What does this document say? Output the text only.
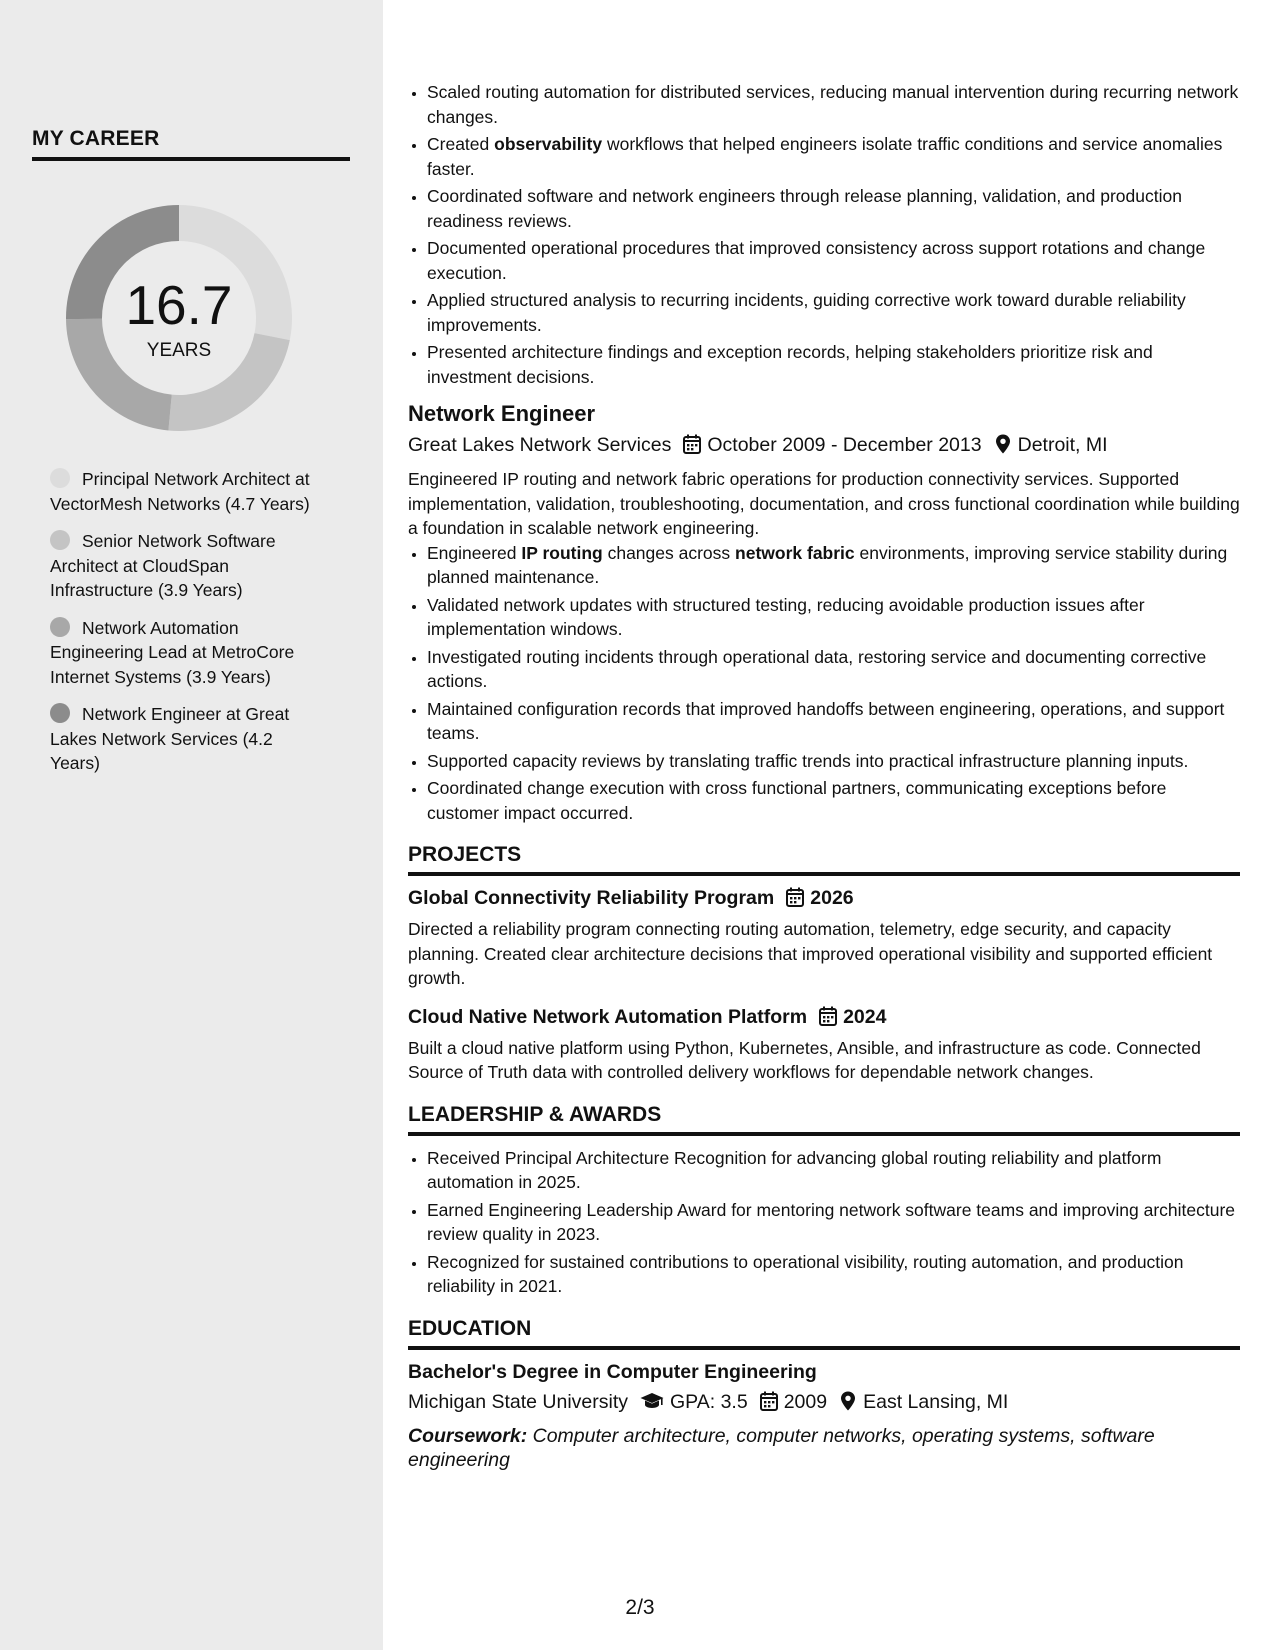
MY CAREER
16.7
YEARS
Principal Network Architect at VectorMesh Networks (4.7 Years)
Senior Network Software Architect at CloudSpan Infrastructure (3.9 Years)
Network Automation Engineering Lead at MetroCore Internet Systems (3.9 Years)
Network Engineer at Great Lakes Network Services (4.2 Years)
• Scaled routing automation for distributed services, reducing manual intervention during recurring network changes.
• Created observability workflows that helped engineers isolate traffic conditions and service anomalies faster.
• Coordinated software and network engineers through release planning, validation, and production readiness reviews.
• Documented operational procedures that improved consistency across support rotations and change execution.
• Applied structured analysis to recurring incidents, guiding corrective work toward durable reliability improvements.
• Presented architecture findings and exception records, helping stakeholders prioritize risk and investment decisions.
Network Engineer
Great Lakes Network Services October 2009 - December 2013 Detroit, MI
Engineered IP routing and network fabric operations for production connectivity services. Supported implementation, validation, troubleshooting, documentation, and cross functional coordination while building a foundation in scalable network engineering.
• Engineered IP routing changes across network fabric environments, improving service stability during planned maintenance.
• Validated network updates with structured testing, reducing avoidable production issues after implementation windows.
• Investigated routing incidents through operational data, restoring service and documenting corrective actions.
• Maintained configuration records that improved handoffs between engineering, operations, and support teams.
• Supported capacity reviews by translating traffic trends into practical infrastructure planning inputs.
• Coordinated change execution with cross functional partners, communicating exceptions before customer impact occurred.
PROJECTS
Global Connectivity Reliability Program 2026
Directed a reliability program connecting routing automation, telemetry, edge security, and capacity planning. Created clear architecture decisions that improved operational visibility and supported efficient growth.
Cloud Native Network Automation Platform 2024
Built a cloud native platform using Python, Kubernetes, Ansible, and infrastructure as code. Connected Source of Truth data with controlled delivery workflows for dependable network changes.
LEADERSHIP & AWARDS
• Received Principal Architecture Recognition for advancing global routing reliability and platform automation in 2025.
• Earned Engineering Leadership Award for mentoring network software teams and improving architecture review quality in 2023.
• Recognized for sustained contributions to operational visibility, routing automation, and production reliability in 2021.
EDUCATION
Bachelor's Degree in Computer Engineering
Michigan State University GPA: 3.5 2009 East Lansing, MI
Coursework: Computer architecture, computer networks, operating systems, software engineering
2/3
